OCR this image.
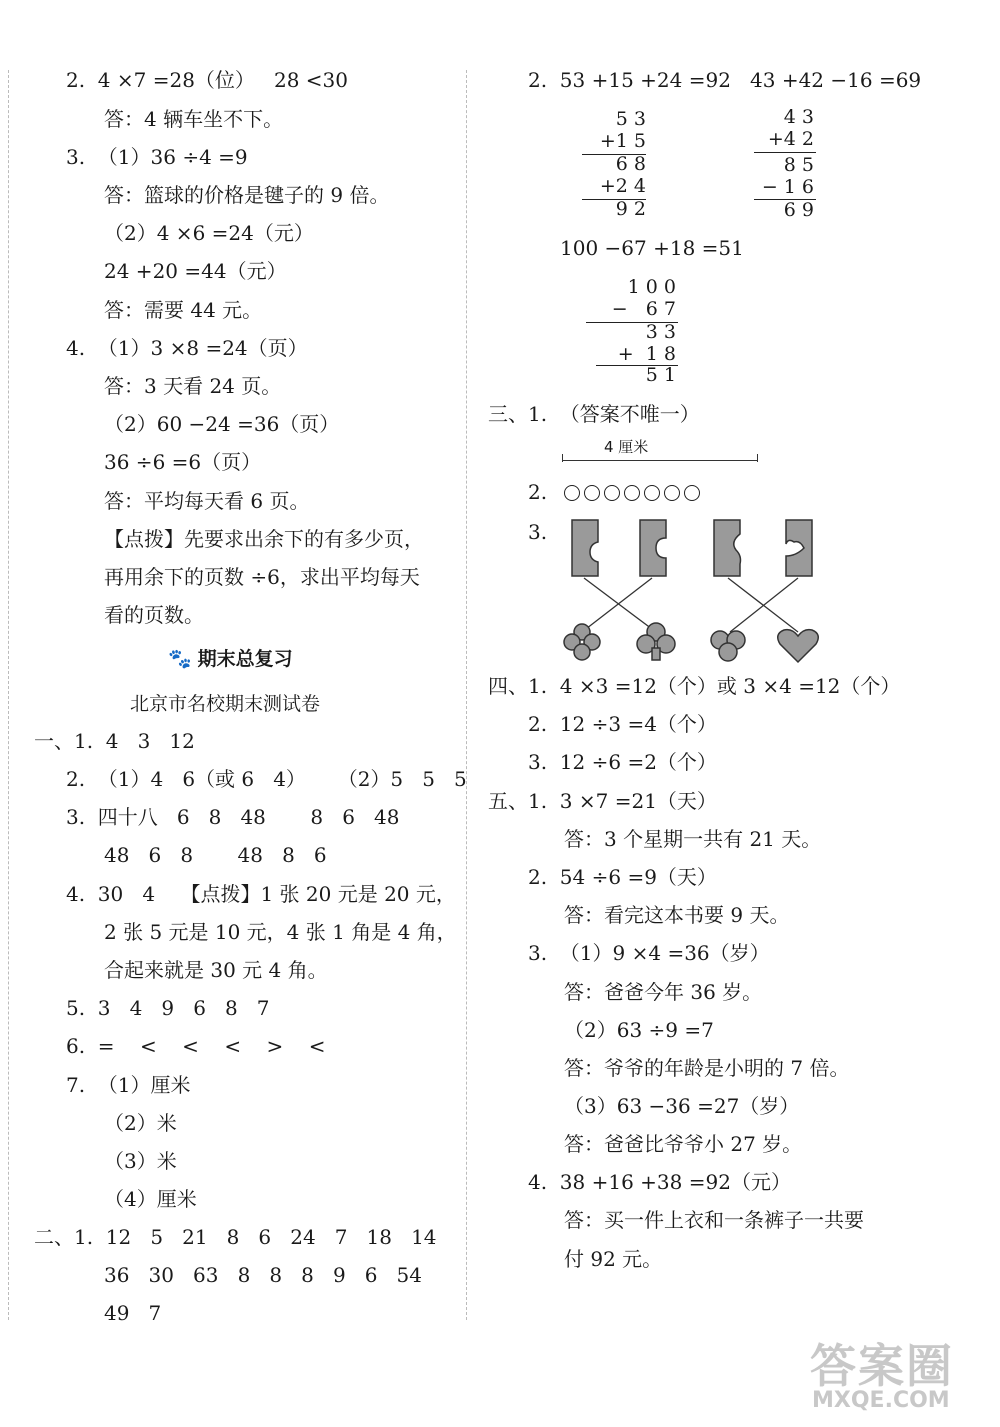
2.  4 ×7 =28（位）   28 <30
答：4 辆车坐不下。
3.  （1）36 ÷4 =9
答：篮球的价格是毽子的 9 倍。
（2）4 ×6 =24（元）
24 +20 =44（元）
答：需要 44 元。
4.  （1）3 ×8 =24（页）
答：3 天看 24 页。
（2）60 −24 =36（页）
36 ÷6 =6（页）
答：平均每天看 6 页。
【点拨】先要求出余下的有多少页，
再用余下的页数 ÷6，求出平均每天
看的页数。
🐾 期末总复习
北京市名校期末测试卷
一、1.  4   3   12
2.  （1）4   6（或 6   4）     （2）5   5   5
3.  四十八   6   8   48       8   6   48
48   6   8       48   8   6
4.  30   4    【点拨】1 张 20 元是 20 元，
2 张 5 元是 10 元，4 张 1 角是 4 角，
合起来就是 30 元 4 角。
5.  3   4   9   6   8   7
6.  =    <    <    <    >    <
7.  （1）厘米
（2）米
（3）米
（4）厘米
二、1.  12   5   21   8   6   24   7   18   14
36   30   63   8   8   8   9   6   54
49   7
2.  53 +15 +24 =92   43 +42 −16 =69
5 3
+1 5
6 8
+2 4
9 2
4 3
+4 2
8 5
− 1 6
6 9
100 −67 +18 =51
1 0 0
−   6 7
3 3
+  1 8
5 1
三、1.  （答案不唯一）
4 厘米
2.
3.
四、1.  4 ×3 =12（个）或 3 ×4 =12（个）
2.  12 ÷3 =4（个）
3.  12 ÷6 =2（个）
五、1.  3 ×7 =21（天）
答：3 个星期一共有 21 天。
2.  54 ÷6 =9（天）
答：看完这本书要 9 天。
3.  （1）9 ×4 =36（岁）
答：爸爸今年 36 岁。
（2）63 ÷9 =7
答：爷爷的年龄是小明的 7 倍。
（3）63 −36 =27（岁）
答：爸爸比爷爷小 27 岁。
4.  38 +16 +38 =92（元）
答：买一件上衣和一条裤子一共要
付 92 元。
答案圈
MXQE.COM
